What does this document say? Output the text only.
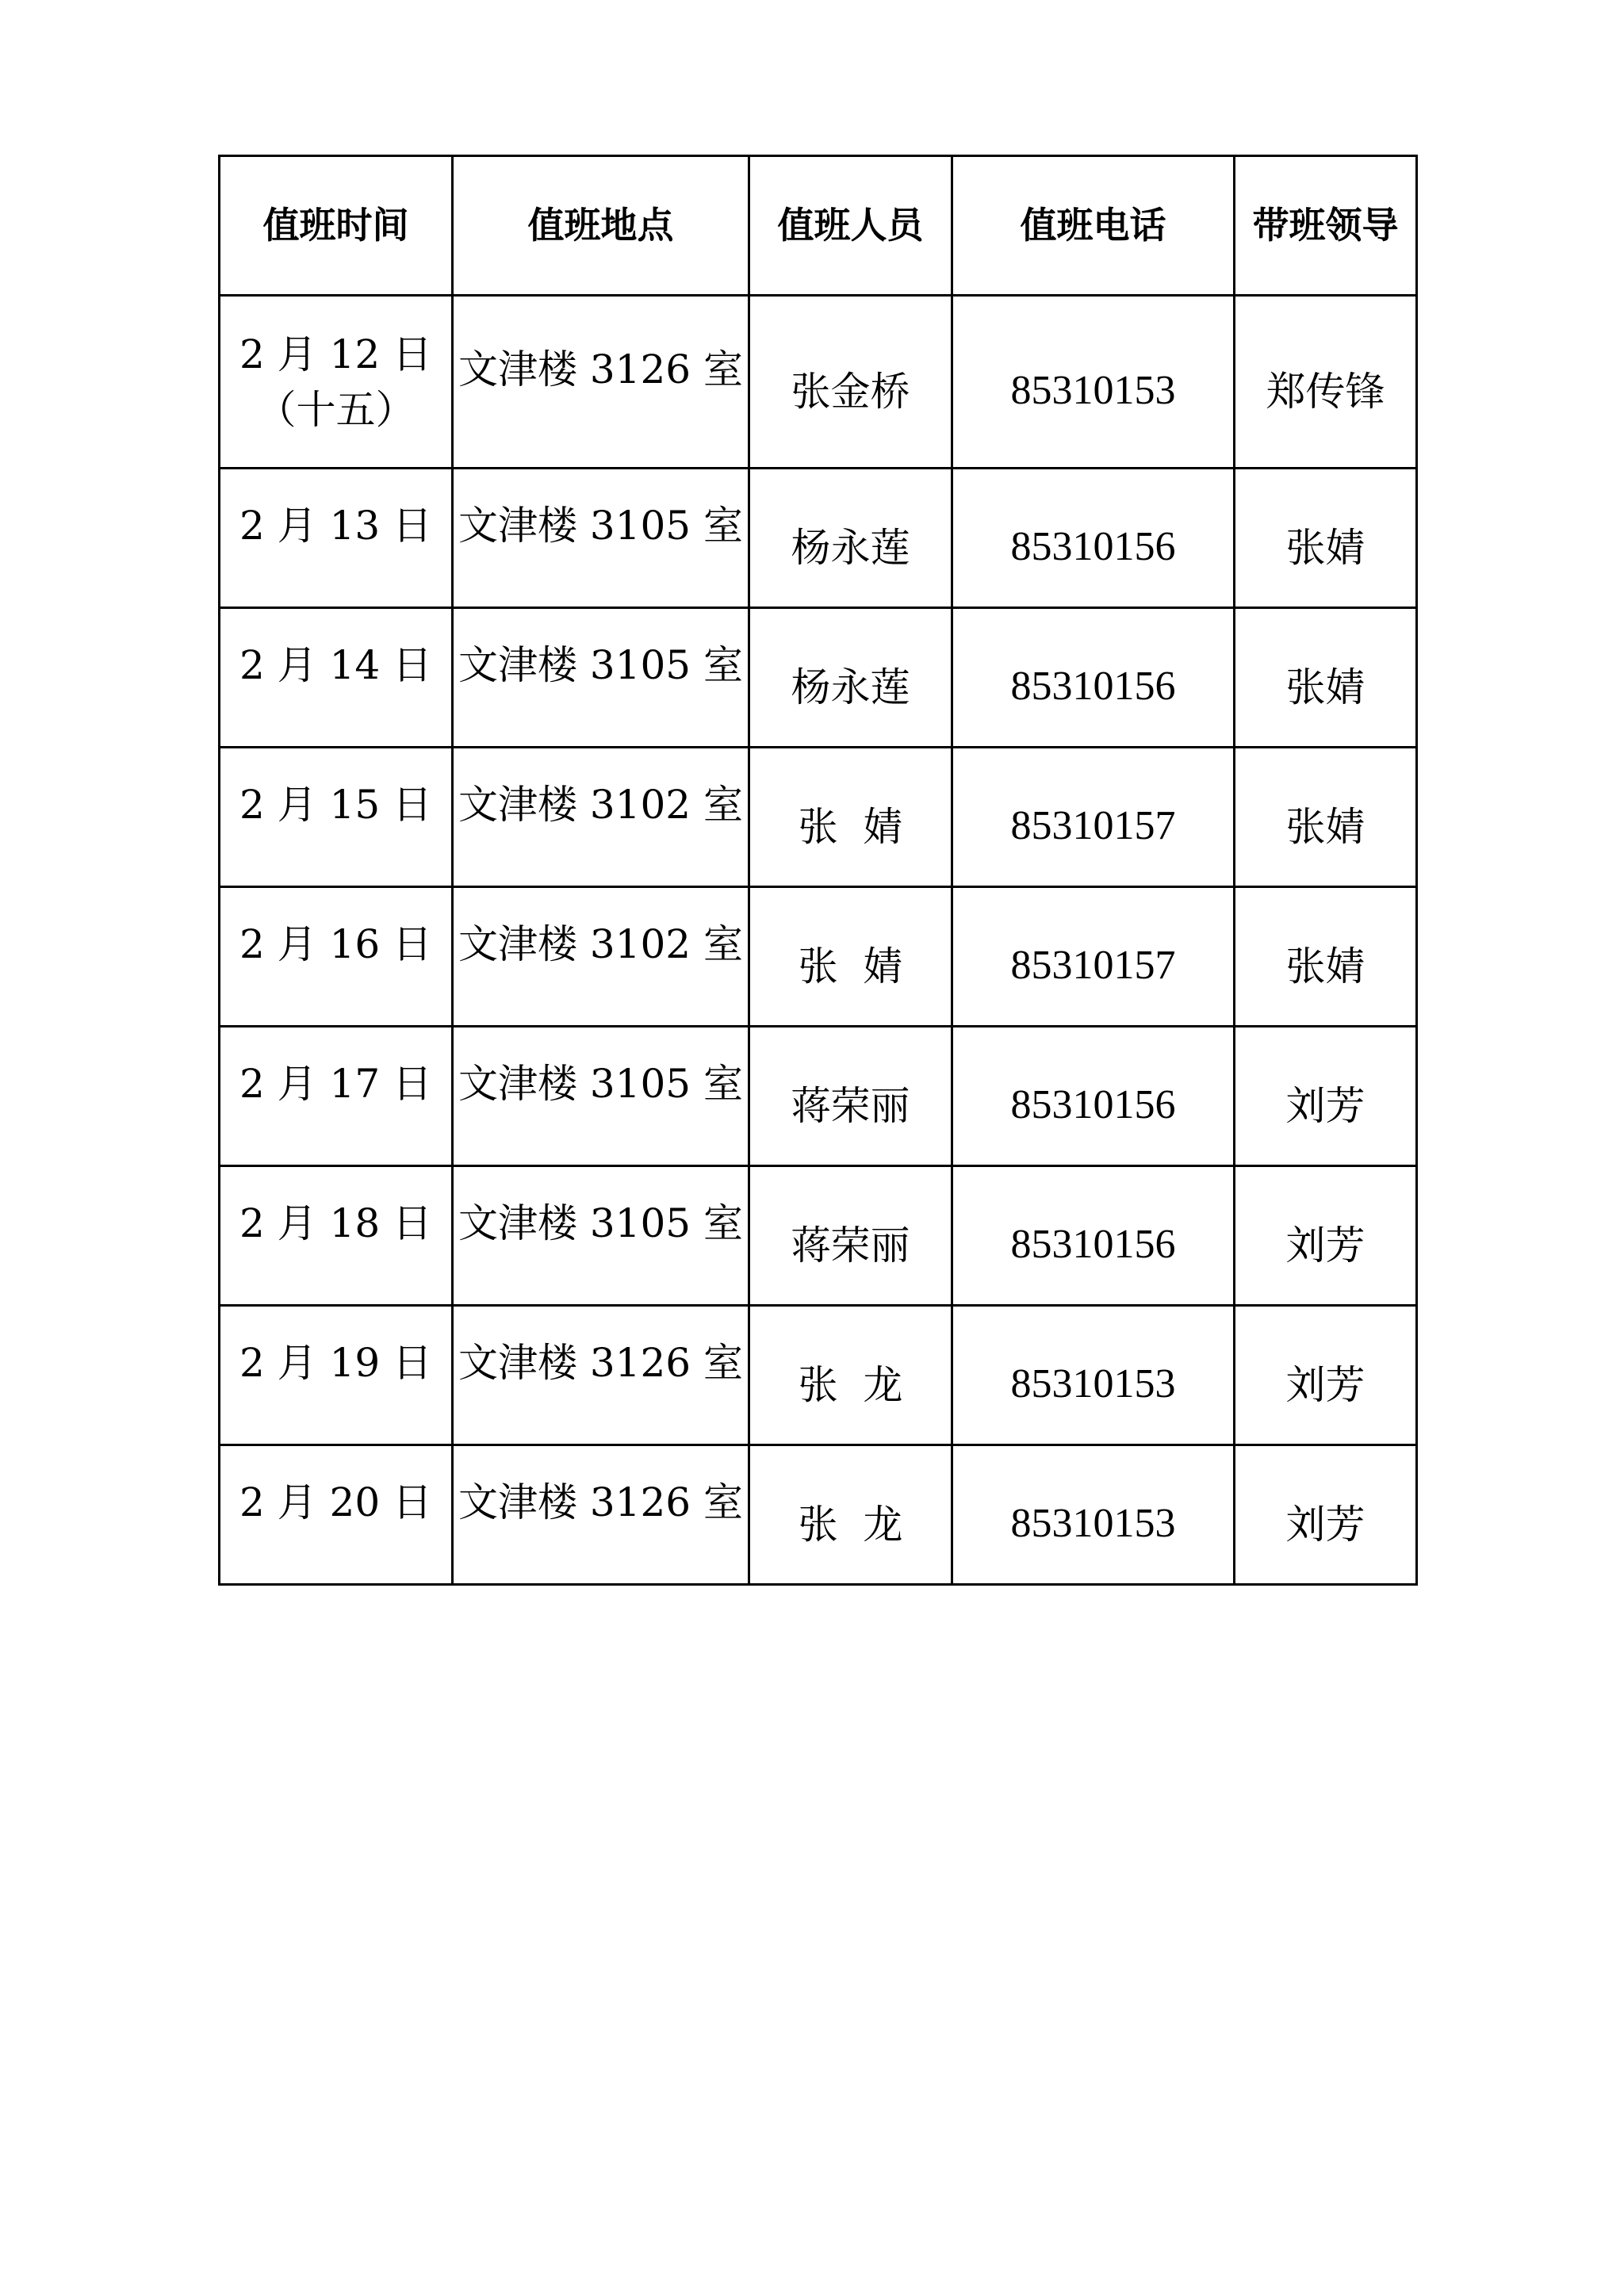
值班时间	值班地点	值班人员	值班电话	带班领导

2 月 12 日
（十五）	文津楼 3126 室	张金桥	85310153	郑传锋
2 月 13 日	文津楼 3105 室	杨永莲	85310156	张婧
2 月 14 日	文津楼 3105 室	杨永莲	85310156	张婧
2 月 15 日	文津楼 3102 室	张  婧	85310157	张婧
2 月 16 日	文津楼 3102 室	张  婧	85310157	张婧
2 月 17 日	文津楼 3105 室	蒋荣丽	85310156	刘芳
2 月 18 日	文津楼 3105 室	蒋荣丽	85310156	刘芳
2 月 19 日	文津楼 3126 室	张  龙	85310153	刘芳
2 月 20 日	文津楼 3126 室	张  龙	85310153	刘芳
